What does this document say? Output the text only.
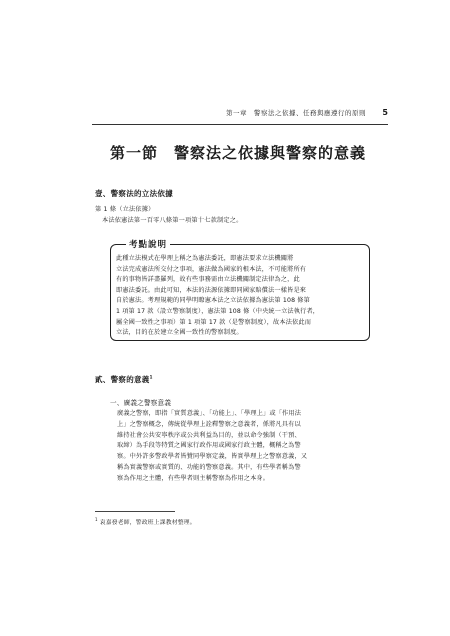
第一章　警察法之依據、任務與應遵行的原則 5
第一節　警察法之依據與警察的意義
壹、警察法的立法依據
第 1 條（立法依據）
本法依憲法第一百零八條第一項第十七款制定之。
考點說明
此種立法模式在學理上稱之為憲法委託，即憲法要求立法機關將
立法完成憲法所交付之事項，憲法做為國家的根本法，不可能將所有
有的事物皆詳盡羅列，故有些事務需由立法機關制定法律為之，此
即憲法委託。由此可知，本法的法源依據即同國家賠償法一樣皆是來
自於憲法。考理規範的同學明瞭憲本法之立法依據為憲法第 108 條第
1 項第 17 款（設立警察制度），憲法第 108 條（中央統一立法執行者，
屬全國一致性之事項）第 1 項第 17 款（是警察制度），故本法依此而
立法，目的在於建立全國一致性的警察制度。
貳、警察的意義$^1$
一、廣義之警察意義
廣義之警察，即指「實質意義」、「功能上」、「學理上」或「作用法
上」之警察概念，傳統從學理上詮釋警察之意義者，係將凡具有以
維持社會公共安寧秩序或公共利益為目的，並以命令強制（干預、
取締）為手段等特質之國家行政作用或國家行政主體，概稱之為警
察。中外許多警政學者皆贊同學察定義，皆實學理上之警察意義，又
稱為實義警察或實質的、功能的警察意義。其中，有些學者稱為警
察為作用之主體，有些學者則主稱警察為作用之本身。
$^1$ 袁嘉發老師，警政班上課教材整理。
